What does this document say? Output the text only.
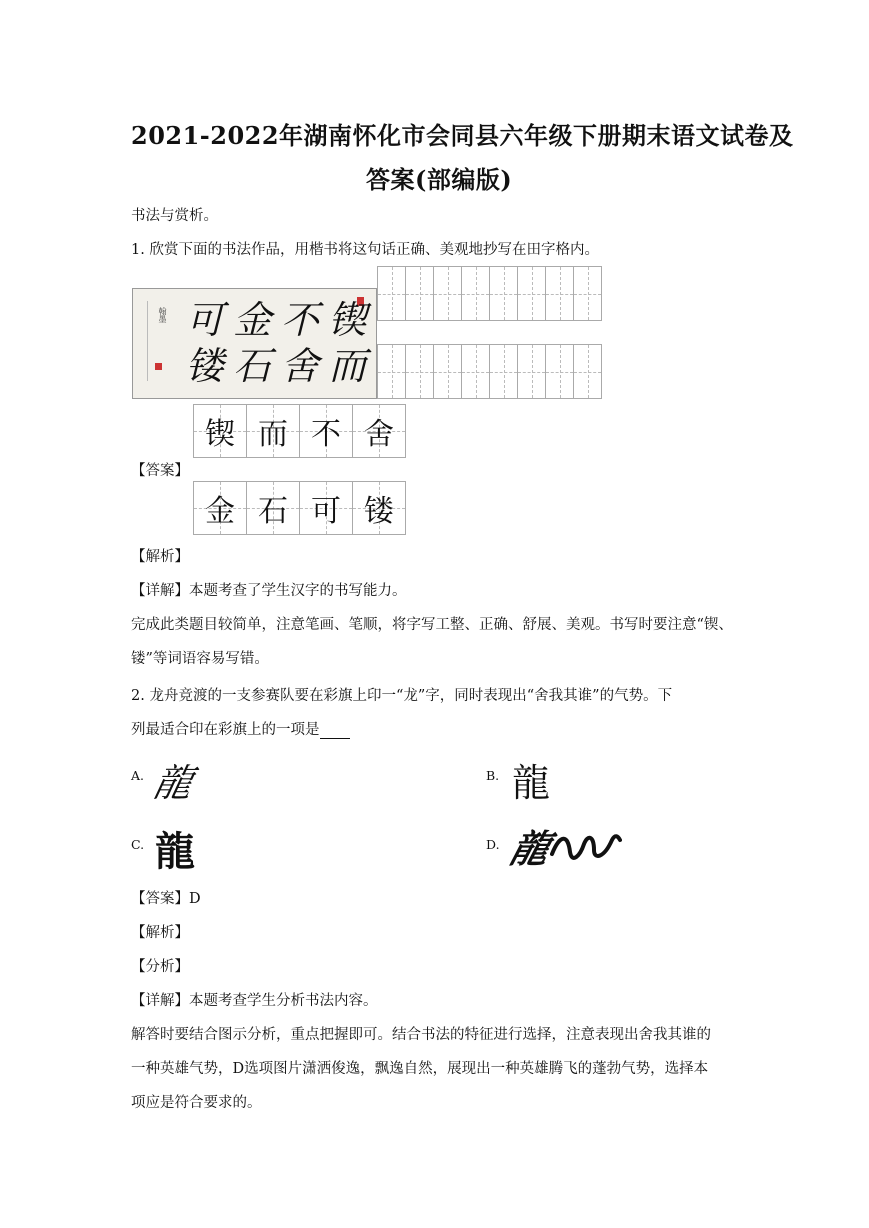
2021-2022年湖南怀化市会同县六年级下册期末语文试卷及
答案(部编版)
书法与赏析。
1. 欣赏下面的书法作品，用楷书将这句话正确、美观地抄写在田字格内。
翰墨 可 金 不 锲
镂 石 舍 而
锲 而 不 舍
【答案】
金 石 可 镂
【解析】
【详解】本题考查了学生汉字的书写能力。
完成此类题目较简单，注意笔画、笔顺，将字写工整、正确、舒展、美观。书写时要注意“锲、
镂”等词语容易写错。
2. 龙舟竞渡的一支参赛队要在彩旗上印一“龙”字，同时表现出“舍我其谁”的气势。下
列最适合印在彩旗上的一项是
A. 龍	B. 龍
C. 龍	D. 龍
【答案】D
【解析】
【分析】
【详解】本题考查学生分析书法内容。
解答时要结合图示分析，重点把握即可。结合书法的特征进行选择，注意表现出舍我其谁的
一种英雄气势，D选项图片潇洒俊逸，飘逸自然，展现出一种英雄腾飞的蓬勃气势，选择本
项应是符合要求的。
